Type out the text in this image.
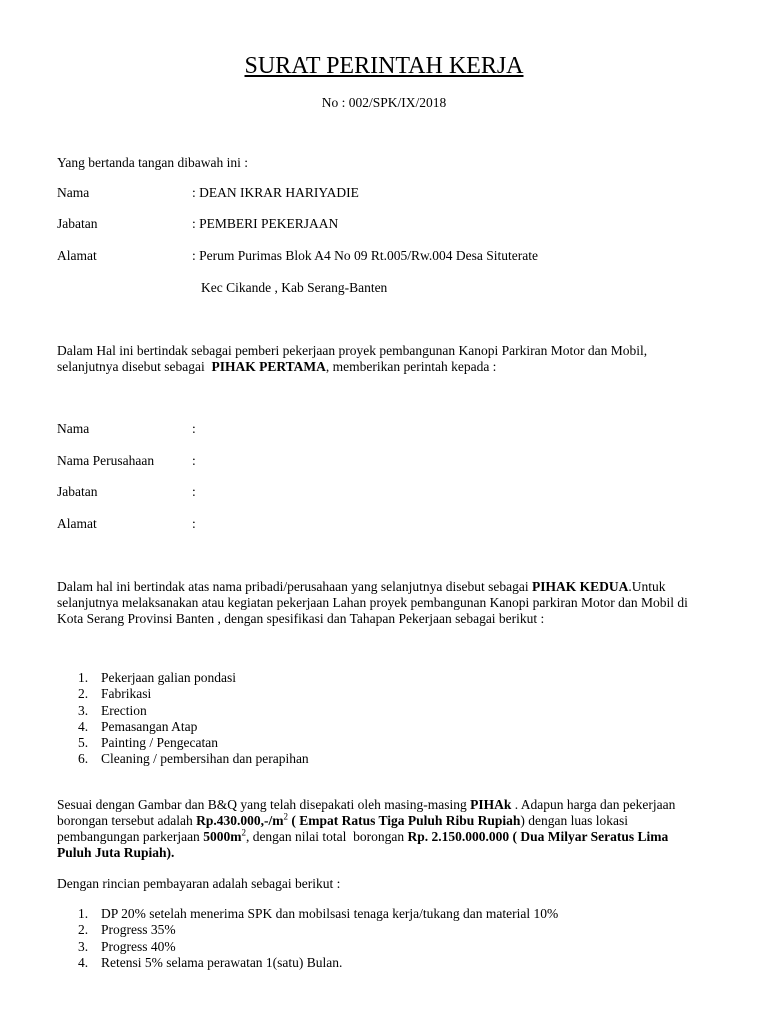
SURAT PERINTAH KERJA
No : 002/SPK/IX/2018
Yang bertanda tangan dibawah ini :
Nama	: DEAN IKRAR HARIYADIE
Jabatan	: PEMBERI PEKERJAAN
Alamat	: Perum Purimas Blok A4 No 09 Rt.005/Rw.004 Desa Situterate
Kec Cikande , Kab Serang-Banten
Dalam Hal ini bertindak sebagai pemberi pekerjaan proyek pembangunan Kanopi Parkiran Motor dan Mobil,
selanjutnya disebut sebagai  PIHAK PERTAMA, memberikan perintah kepada :
Nama	:
Nama Perusahaan	:
Jabatan	:
Alamat	:
Dalam hal ini bertindak atas nama pribadi/perusahaan yang selanjutnya disebut sebagai PIHAK KEDUA.Untuk
selanjutnya melaksanakan atau kegiatan pekerjaan Lahan proyek pembangunan Kanopi parkiran Motor dan Mobil di
Kota Serang Provinsi Banten , dengan spesifikasi dan Tahapan Pekerjaan sebagai berikut :
1. Pekerjaan galian pondasi
2. Fabrikasi
3. Erection
4. Pemasangan Atap
5. Painting / Pengecatan
6. Cleaning / pembersihan dan perapihan
Sesuai dengan Gambar dan B&Q yang telah disepakati oleh masing-masing PIHAk . Adapun harga dan pekerjaan
borongan tersebut adalah $Rp.430.000,-/m^2$ ( Empat Ratus Tiga Puluh Ribu Rupiah) dengan luas lokasi
pembangungan parkerjaan $5000m^2$, dengan nilai total  borongan Rp. 2.150.000.000 ( Dua Milyar Seratus Lima
Puluh Juta Rupiah).
Dengan rincian pembayaran adalah sebagai berikut :
1. DP 20% setelah menerima SPK dan mobilsasi tenaga kerja/tukang dan material 10%
2. Progress 35%
3. Progress 40%
4. Retensi 5% selama perawatan 1(satu) Bulan.
